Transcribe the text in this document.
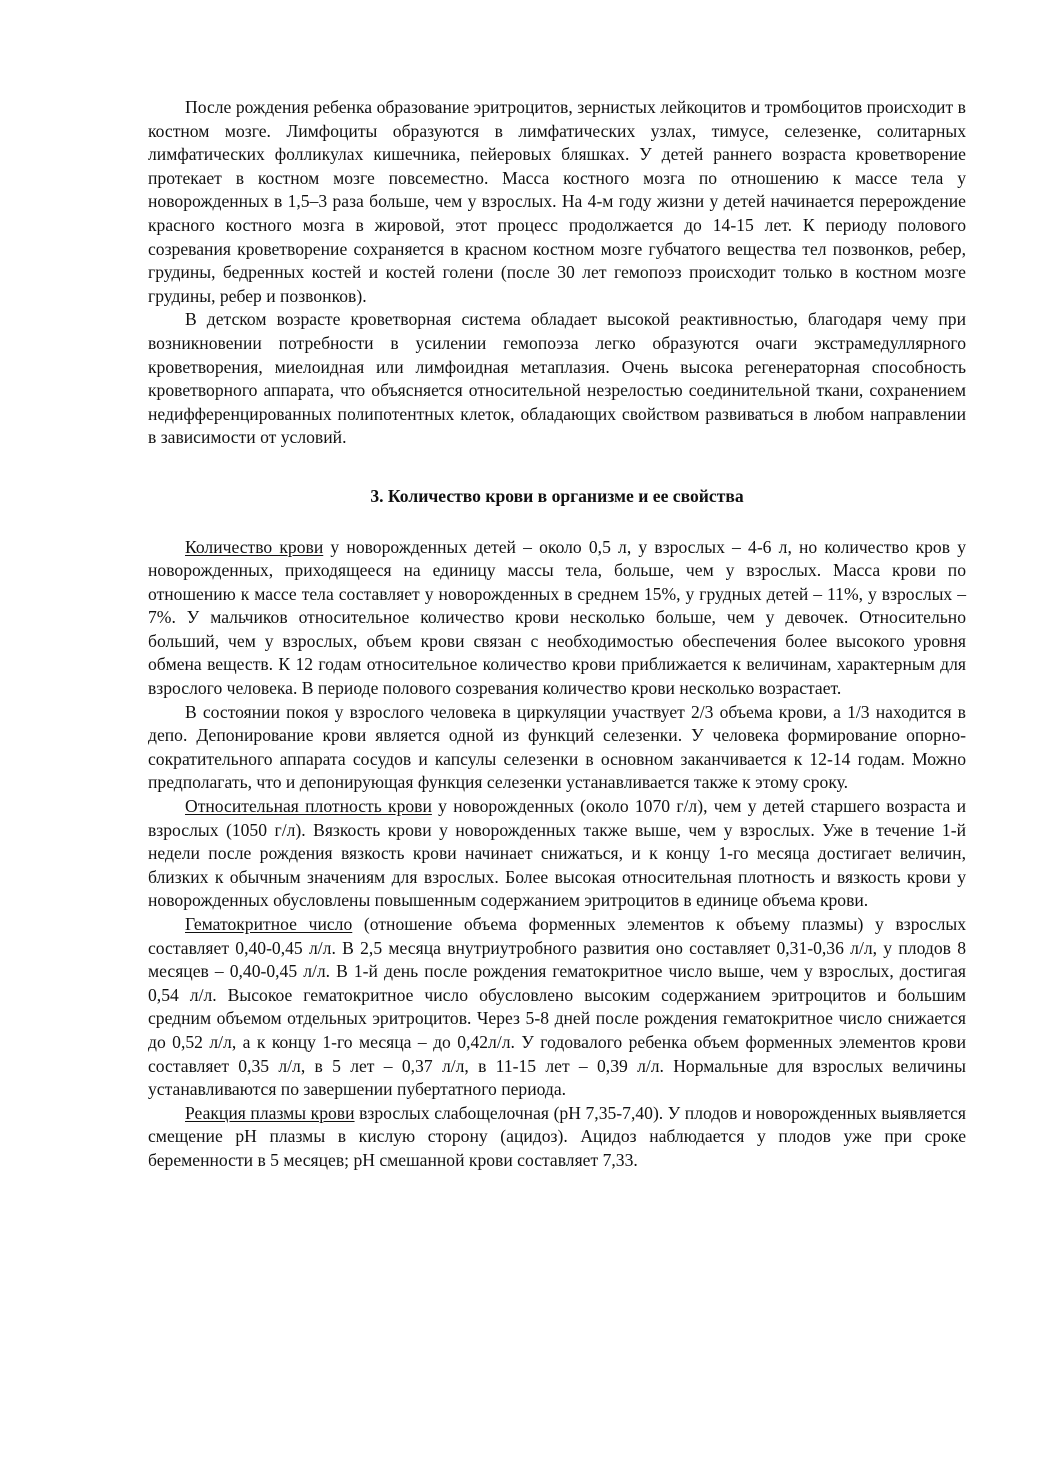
После рождения ребенка образование эритроцитов, зернистых лейкоцитов и тромбоцитов происходит в костном мозге. Лимфоциты образуются в лимфатических узлах, тимусе, селезенке, солитарных лимфатических фолликулах кишечника, пейеровых бляшках. У детей раннего возраста кроветворение протекает в костном мозге повсеместно. Масса костного мозга по отношению к массе тела у новорожденных в 1,5–3 раза больше, чем у взрослых. На 4-м году жизни у детей начинается перерождение красного костного мозга в жировой, этот процесс продолжается до 14-15 лет. К периоду полового созревания кроветворение сохраняется в красном костном мозге губчатого вещества тел позвонков, ребер, грудины, бедренных костей и костей голени (после 30 лет гемопоэз происходит только в костном мозге грудины, ребер и позвонков).

В детском возрасте кроветворная система обладает высокой реактивностью, благодаря чему при возникновении потребности в усилении гемопоэза легко образуются очаги экстрамедуллярного кроветворения, миелоидная или лимфоидная метаплазия. Очень высока регенераторная способность кроветворного аппарата, что объясняется относительной незрелостью соединительной ткани, сохранением недифференцированных полипотентных клеток, обладающих свойством развиваться в любом направлении в зависимости от условий.

3. Количество крови в организме и ее свойства

Количество крови у новорожденных детей – около 0,5 л, у взрослых – 4-6 л, но количество кров у новорожденных, приходящееся на единицу массы тела, больше, чем у взрослых. Масса крови по отношению к массе тела составляет у новорожденных в среднем 15%, у грудных детей – 11%, у взрослых – 7%. У мальчиков относительное количество крови несколько больше, чем у девочек. Относительно больший, чем у взрослых, объем крови связан с необходимостью обеспечения более высокого уровня обмена веществ. К 12 годам относительное количество крови приближается к величинам, характерным для взрослого человека. В периоде полового созревания количество крови несколько возрастает.

В состоянии покоя у взрослого человека в циркуляции участвует 2/3 объема крови, а 1/3 находится в депо. Депонирование крови является одной из функций селезенки. У человека формирование опорно-сократительного аппарата сосудов и капсулы селезенки в основном заканчивается к 12-14 годам. Можно предполагать, что и депонирующая функция селезенки устанавливается также к этому сроку.

Относительная плотность крови у новорожденных (около 1070 г/л), чем у детей старшего возраста и взрослых (1050 г/л). Вязкость крови у новорожденных также выше, чем у взрослых. Уже в течение 1-й недели после рождения вязкость крови начинает снижаться, и к концу 1-го месяца достигает величин, близких к обычным значениям для взрослых. Более высокая относительная плотность и вязкость крови у новорожденных обусловлены повышенным содержанием эритроцитов в единице объема крови.

Гематокритное число (отношение объема форменных элементов к объему плазмы) у взрослых составляет 0,40-0,45 л/л. В 2,5 месяца внутриутробного развития оно составляет 0,31-0,36 л/л, у плодов 8 месяцев – 0,40-0,45 л/л. В 1-й день после рождения гематокритное число выше, чем у взрослых, достигая 0,54 л/л. Высокое гематокритное число обусловлено высоким содержанием эритроцитов и большим средним объемом отдельных эритроцитов. Через 5-8 дней после рождения гематокритное число снижается до 0,52 л/л, а к концу 1-го месяца – до 0,42л/л. У годовалого ребенка объем форменных элементов крови составляет 0,35 л/л, в 5 лет – 0,37 л/л, в 11-15 лет – 0,39 л/л. Нормальные для взрослых величины устанавливаются по завершении пубертатного периода.

Реакция плазмы крови взрослых слабощелочная (рН 7,35-7,40). У плодов и новорожденных выявляется смещение рН плазмы в кислую сторону (ацидоз). Ацидоз наблюдается у плодов уже при сроке беременности в 5 месяцев; рН смешанной крови составляет 7,33.
